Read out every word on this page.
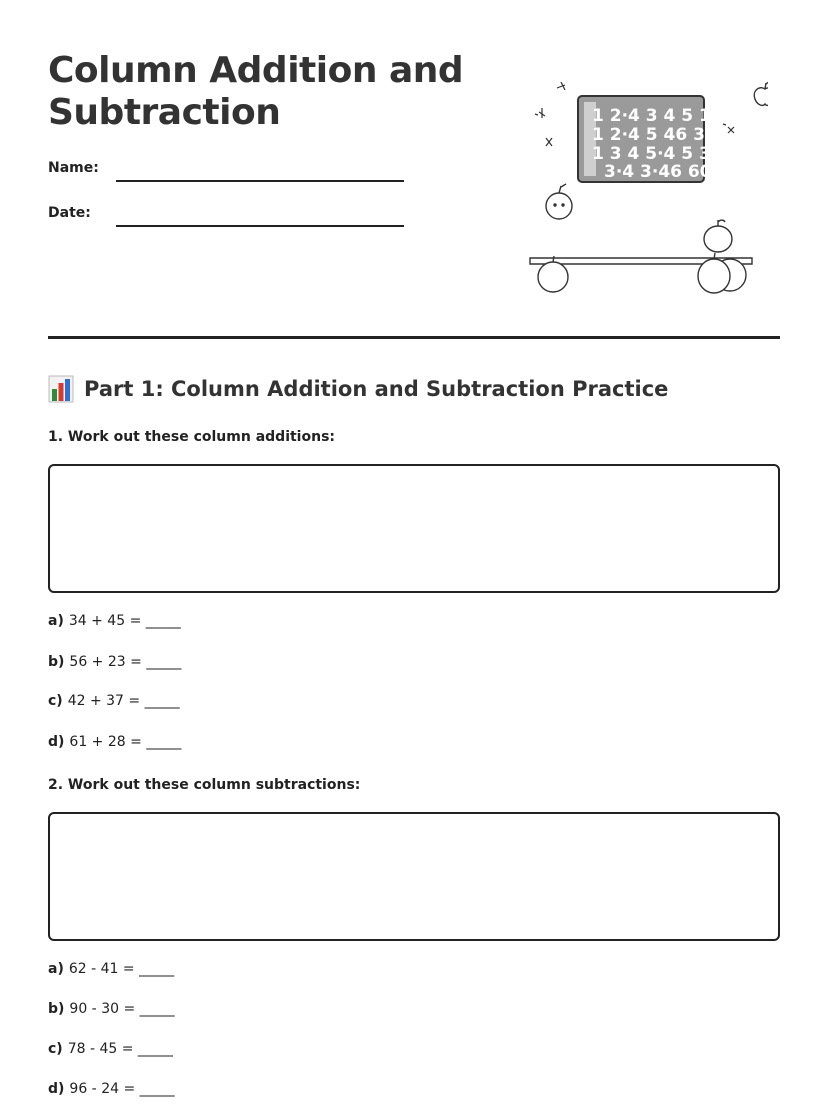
Column Addition and Subtraction
Name:
Date:
1 2·4 3 4 5 10
1 2·4 5 46 30
1 3 4 5·4 5 30
3·4 3·46 60
Part 1: Column Addition and Subtraction Practice
1. Work out these column additions:
a) 34 + 45 = _____
b) 56 + 23 = _____
c) 42 + 37 = _____
d) 61 + 28 = _____
2. Work out these column subtractions:
a) 62 - 41 = _____
b) 90 - 30 = _____
c) 78 - 45 = _____
d) 96 - 24 = _____
